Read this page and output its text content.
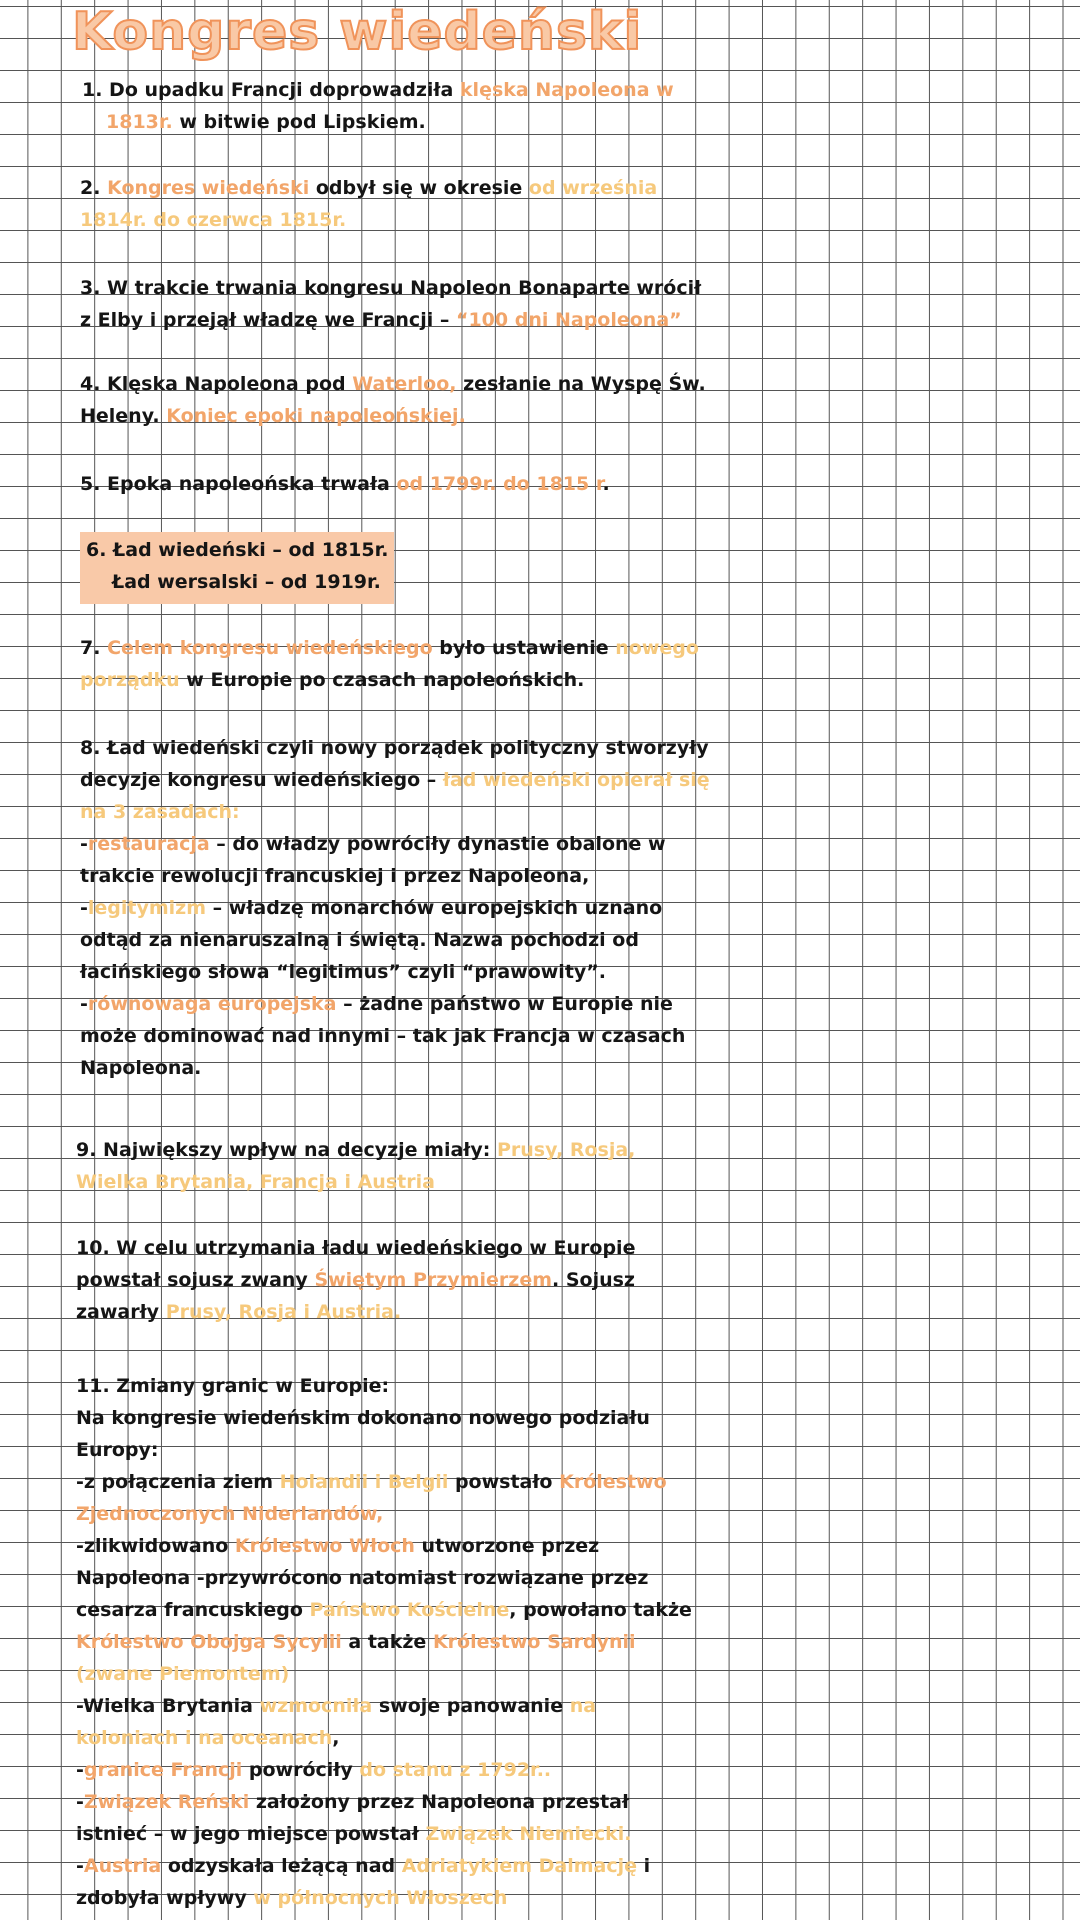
Kongres wiedeński
1. Do upadku Francji doprowadziła klęska Napoleona w
1813r. w bitwie pod Lipskiem.
2. Kongres wiedeński odbył się w okresie od września
1814r. do czerwca 1815r.
3. W trakcie trwania kongresu Napoleon Bonaparte wrócił
z Elby i przejął władzę we Francji – “100 dni Napoleona”
4. Klęska Napoleona pod Waterloo, zesłanie na Wyspę Św.
Heleny. Koniec epoki napoleońskiej.
5. Epoka napoleońska trwała od 1799r. do 1815 r.
6. Ład wiedeński – od 1815r.
Ład wersalski – od 1919r.
7. Celem kongresu wiedeńskiego było ustawienie nowego
porządku w Europie po czasach napoleońskich.
8. Ład wiedeński czyli nowy porządek polityczny stworzyły
decyzje kongresu wiedeńskiego – ład wiedeński opierał się
na 3 zasadach:
-restauracja – do władzy powróciły dynastie obalone w
trakcie rewolucji francuskiej i przez Napoleona,
-legitymizm – władzę monarchów europejskich uznano
odtąd za nienaruszalną i świętą. Nazwa pochodzi od
łacińskiego słowa “legitimus” czyli “prawowity”.
-równowaga europejska – żadne państwo w Europie nie
może dominować nad innymi – tak jak Francja w czasach
Napoleona.
9. Największy wpływ na decyzje miały: Prusy, Rosja,
Wielka Brytania, Francja i Austria
10. W celu utrzymania ładu wiedeńskiego w Europie
powstał sojusz zwany Świętym Przymierzem. Sojusz
zawarły Prusy, Rosja i Austria.
11. Zmiany granic w Europie:
Na kongresie wiedeńskim dokonano nowego podziału
Europy:
-z połączenia ziem Holandii i Belgii powstało Królestwo
Zjednoczonych Niderlandów,
-zlikwidowano Królestwo Włoch utworzone przez
Napoleona -przywrócono natomiast rozwiązane przez
cesarza francuskiego Państwo Kościelne, powołano także
Królestwo Obojga Sycylii a także Królestwo Sardynii
(zwane Piemontem)
-Wielka Brytania wzmocniła swoje panowanie na
koloniach i na oceanach,
-granice Francji powróciły do stanu z 1792r..
-Związek Reński założony przez Napoleona przestał
istnieć – w jego miejsce powstał Związek Niemiecki.
-Austria odzyskała leżącą nad Adriatykiem Dalmację i
zdobyła wpływy w północnych Włoszech
